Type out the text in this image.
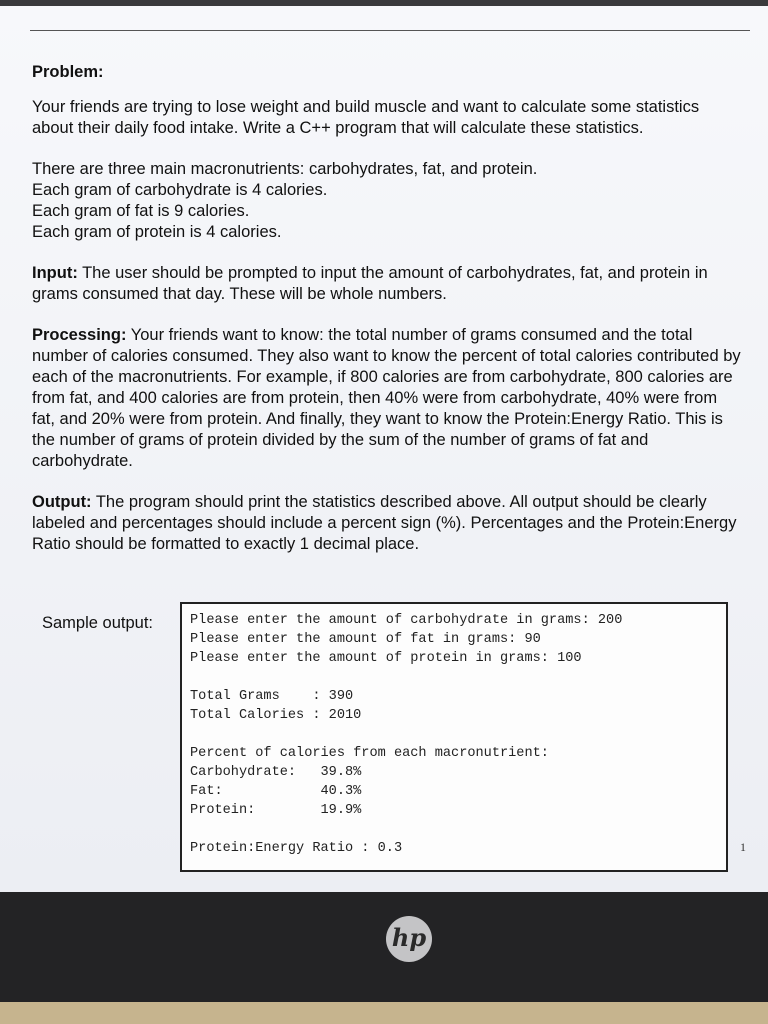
Problem:

Your friends are trying to lose weight and build muscle and want to calculate some statistics about their daily food intake. Write a C++ program that will calculate these statistics.

There are three main macronutrients: carbohydrates, fat, and protein.
Each gram of carbohydrate is 4 calories.
Each gram of fat is 9 calories.
Each gram of protein is 4 calories.

Input: The user should be prompted to input the amount of carbohydrates, fat, and protein in grams consumed that day. These will be whole numbers.

Processing: Your friends want to know: the total number of grams consumed and the total number of calories consumed. They also want to know the percent of total calories contributed by each of the macronutrients. For example, if 800 calories are from carbohydrate, 800 calories are from fat, and 400 calories are from protein, then 40% were from carbohydrate, 40% were from fat, and 20% were from protein. And finally, they want to know the Protein:Energy Ratio. This is the number of grams of protein divided by the sum of the number of grams of fat and carbohydrate.

Output: The program should print the statistics described above. All output should be clearly labeled and percentages should include a percent sign (%). Percentages and the Protein:Energy Ratio should be formatted to exactly 1 decimal place.

Sample output:	Please enter the amount of carbohydrate in grams: 200
Please enter the amount of fat in grams: 90
Please enter the amount of protein in grams: 100
Total Grams    : 390
Total Calories : 2010
Percent of calories from each macronutrient:
Carbohydrate:   39.8%
Fat:            40.3%
Protein:        19.9%
Protein:Energy Ratio : 0.3	1
hp
